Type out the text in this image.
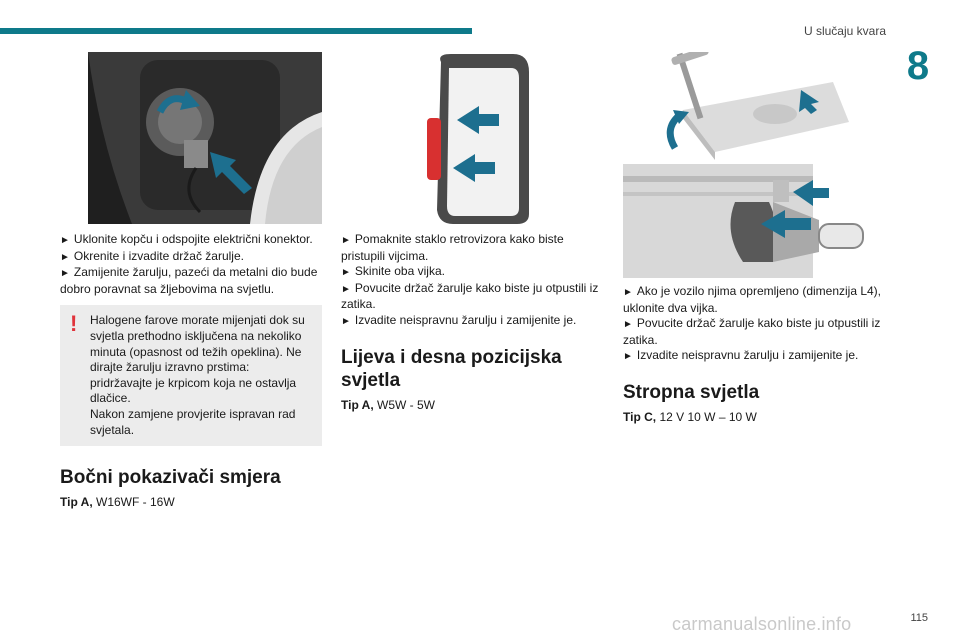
U slučaju kvara
8

► Uklonite kopču i odspojite električni konektor.

► Okrenite i izvadite držač žarulje.

► Zamijenite žarulju, pazeći da metalni dio bude dobro poravnat sa žljebovima na svjetlu.

! Halogene farove morate mijenjati dok su svjetla prethodno isključena na nekoliko minuta (opasnost od težih opeklina). Ne dirajte žarulju izravno prstima: pridržavajte je krpicom koja ne ostavlja dlačice.

Nakon zamjene provjerite ispravan rad svjetala.

Bočni pokazivači smjera
Tip A, W16WF - 16W

► Pomaknite staklo retrovizora kako biste pristupili vijcima.

► Skinite oba vijka.

► Povucite držač žarulje kako biste ju otpustili iz zatika.

► Izvadite neispravnu žarulju i zamijenite je.

Lijeva i desna pozicijska svjetla
Tip A, W5W - 5W

► Ako je vozilo njima opremljeno (dimenzija L4), uklonite dva vijka.

► Povucite držač žarulje kako biste ju otpustili iz zatika.

► Izvadite neispravnu žarulju i zamijenite je.

Stropna svjetla
Tip C, 12 V 10 W – 10 W
carmanualsonline.info	115
